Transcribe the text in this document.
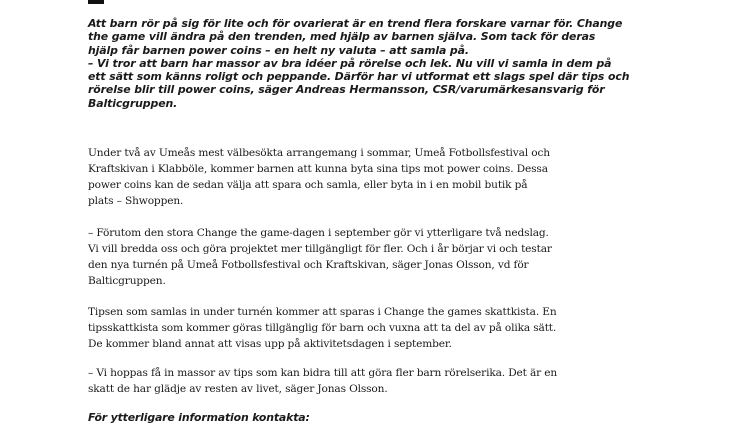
Att barn rör på sig för lite och för ovarierat är en trend flera forskare varnar för. Change
the game vill ändra på den trenden, med hjälp av barnen själva. Som tack för deras
hjälp får barnen power coins – en helt ny valuta – att samla på.
– Vi tror att barn har massor av bra idéer på rörelse och lek. Nu vill vi samla in dem på
ett sätt som känns roligt och peppande. Därför har vi utformat ett slags spel där tips och
rörelse blir till power coins, säger Andreas Hermansson, CSR/varumärkesansvarig för
Balticgruppen.

Under två av Umeås mest välbesökta arrangemang i sommar, Umeå Fotbollsfestival och
Kraftskivan i Klabböle, kommer barnen att kunna byta sina tips mot power coins. Dessa
power coins kan de sedan välja att spara och samla, eller byta in i en mobil butik på
plats – Shwoppen.

– Förutom den stora Change the game-dagen i september gör vi ytterligare två nedslag.
Vi vill bredda oss och göra projektet mer tillgängligt för fler. Och i år börjar vi och testar
den nya turnén på Umeå Fotbollsfestival och Kraftskivan, säger Jonas Olsson, vd för
Balticgruppen.

Tipsen som samlas in under turnén kommer att sparas i Change the games skattkista. En
tipsskattkista som kommer göras tillgänglig för barn och vuxna att ta del av på olika sätt.
De kommer bland annat att visas upp på aktivitetsdagen i september.

– Vi hoppas få in massor av tips som kan bidra till att göra fler barn rörelserika. Det är en
skatt de har glädje av resten av livet, säger Jonas Olsson.

För ytterligare information kontakta:
